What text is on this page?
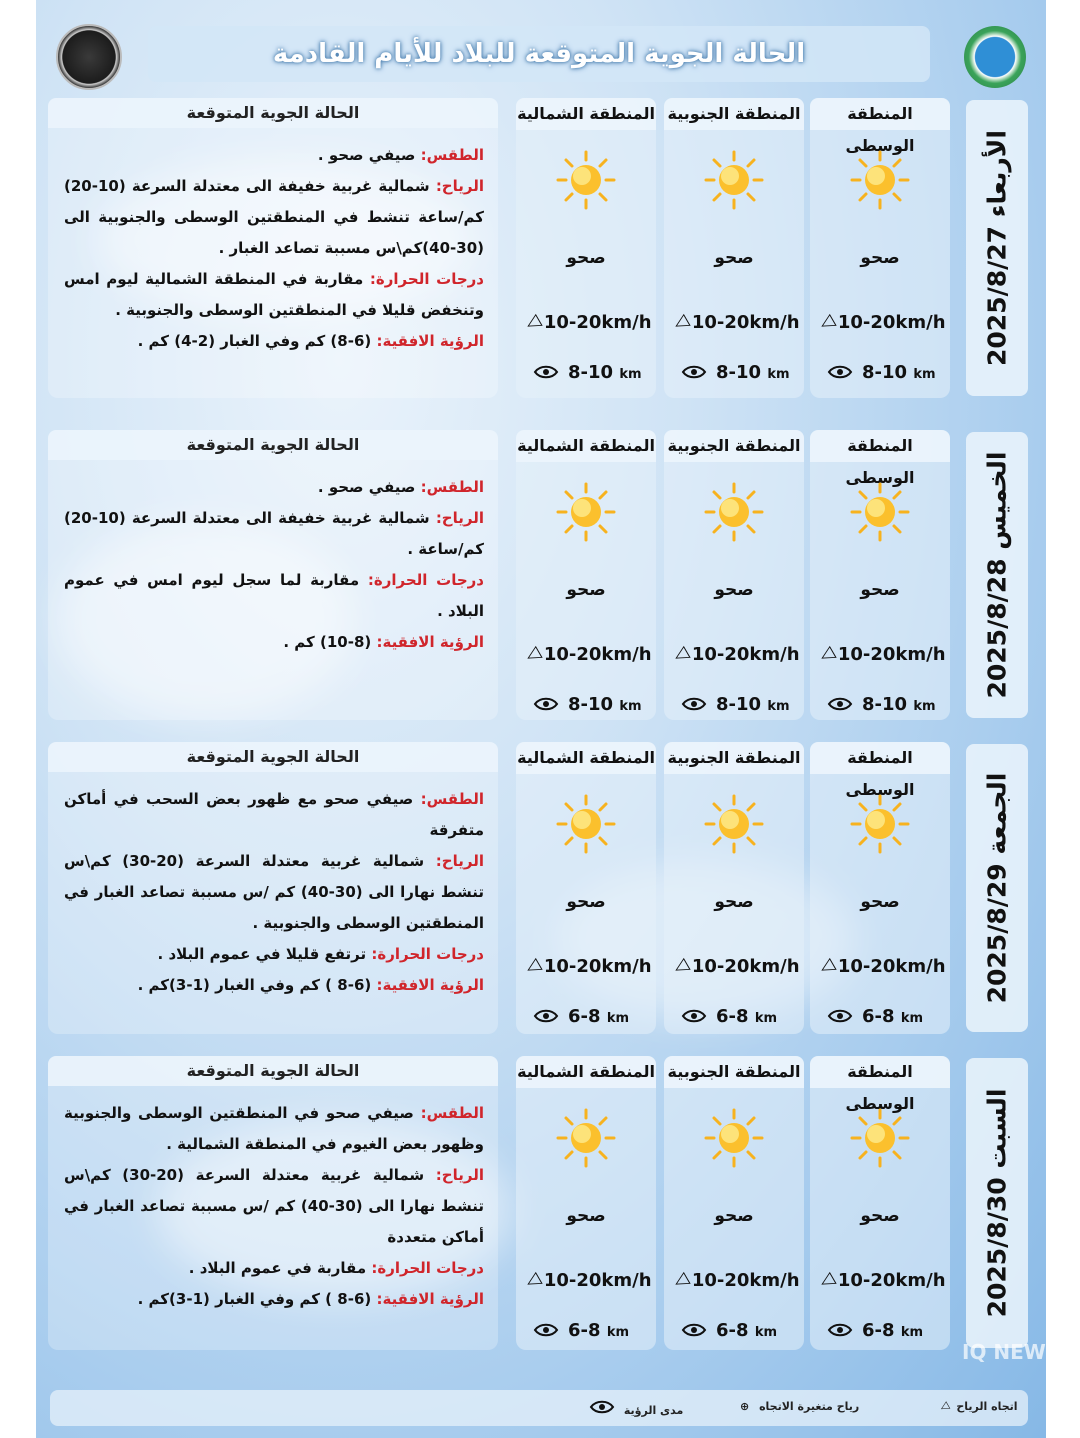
الحالة الجوية المتوقعة للبلاد للأيام القادمة
الحالة الجوية المتوقعة
الطقس: صيفي صحو .
الرياح: شمالية غربية خفيفة الى معتدلة السرعة (10-20) كم/ساعة تنشط في المنطقتين الوسطى والجنوبية الى (30-40)كم\س مسببة تصاعد الغبار .
درجات الحرارة: مقاربة في المنطقة الشمالية ليوم امس وتنخفض قليلا في المنطقتين الوسطى والجنوبية .
الرؤية الافقية: (6-8) كم وفي الغبار (2-4) كم .
المنطقة الوسطى
صحو
◁10-20km/h
8-10 km
المنطقة الجنوبية
صحو
◁10-20km/h
8-10 km
المنطقة الشمالية
صحو
◁10-20km/h
8-10 km
الأربعاء 2025/8/27
الحالة الجوية المتوقعة
الطقس: صيفي صحو .
الرياح: شمالية غربية خفيفة الى معتدلة السرعة (10-20) كم/ساعة .
درجات الحرارة: مقاربة لما سجل ليوم امس في عموم البلاد .
الرؤية الافقية: (8-10) كم .
المنطقة الوسطى
صحو
◁10-20km/h
8-10 km
المنطقة الجنوبية
صحو
◁10-20km/h
8-10 km
المنطقة الشمالية
صحو
◁10-20km/h
8-10 km
الخميس 2025/8/28
الحالة الجوية المتوقعة
الطقس: صيفي صحو مع ظهور بعض السحب في أماكن متفرقة
الرياح: شمالية غربية معتدلة السرعة (20-30) كم\س تنشط نهارا الى (30-40) كم /س مسببة تصاعد الغبار في المنطقتين الوسطى والجنوبية .
درجات الحرارة: ترتفع قليلا في عموم البلاد .
الرؤية الافقية: (6-8 ) كم وفي الغبار (1-3)كم .
المنطقة الوسطى
صحو
◁10-20km/h
6-8 km
المنطقة الجنوبية
صحو
◁10-20km/h
6-8 km
المنطقة الشمالية
صحو
◁10-20km/h
6-8 km
الجمعة 2025/8/29
الحالة الجوية المتوقعة
الطقس: صيفي صحو في المنطقتين الوسطى والجنوبية وظهور بعض الغيوم في المنطقة الشمالية .
الرياح: شمالية غربية معتدلة السرعة (20-30) كم\س تنشط نهارا الى (30-40) كم /س مسببة تصاعد الغبار في أماكن متعددة
درجات الحرارة: مقاربة في عموم البلاد .
الرؤية الافقية: (6-8 ) كم وفي الغبار (1-3)كم .
المنطقة الوسطى
صحو
◁10-20km/h
6-8 km
المنطقة الجنوبية
صحو
◁10-20km/h
6-8 km
المنطقة الشمالية
صحو
◁10-20km/h
6-8 km
السبت 2025/8/30
اتجاه الرياح ◁
رياح متغيرة الاتجاه ⊕
مدى الرؤية
IQ NEWS
